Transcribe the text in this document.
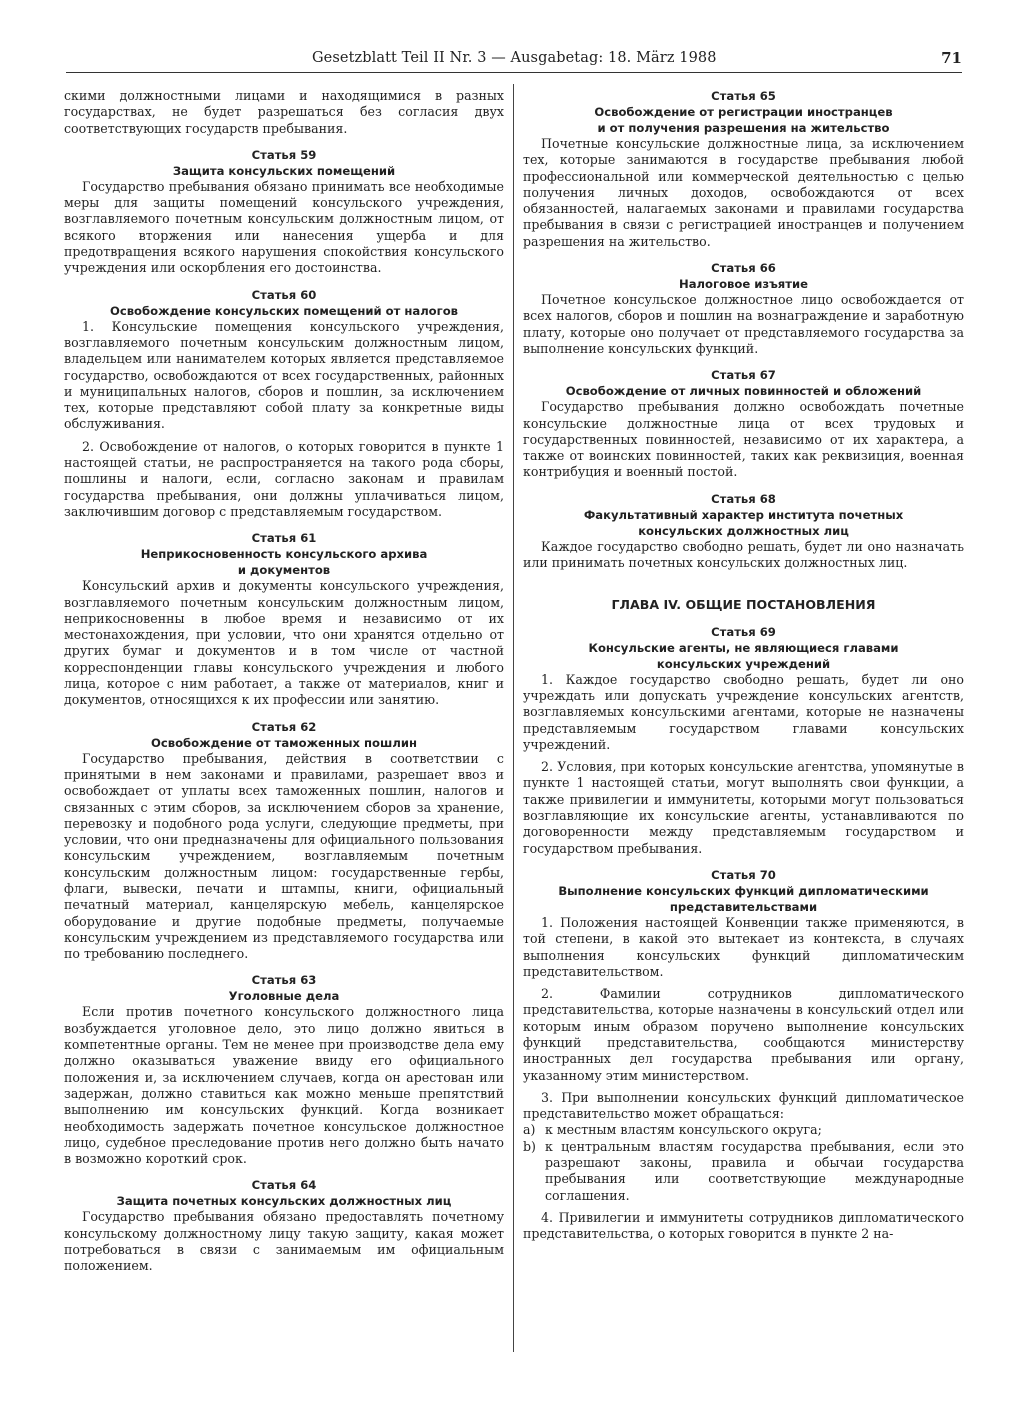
Gesetzblatt Teil II Nr. 3 — Ausgabetag: 18. März 1988	71

скими должностными лицами и находящимися в разных государствах, не будет разрешаться без согласия двух соответствующих государств пребывания.

Статья 59
Защита консульских помещений

Государство пребывания обязано принимать все необходимые меры для защиты помещений консульского учреждения, возглавляемого почетным консульским должностным лицом, от всякого вторжения или нанесения ущерба и для предотвращения всякого нарушения спокойствия консульского учреждения или оскорбления его достоинства.

Статья 60
Освобождение консульских помещений от налогов

1. Консульские помещения консульского учреждения, возглавляемого почетным консульским должностным лицом, владельцем или нанимателем которых является представляемое государство, освобождаются от всех государственных, районных и муниципальных налогов, сборов и пошлин, за исключением тех, которые представляют собой плату за конкретные виды обслуживания.

2. Освобождение от налогов, о которых говорится в пункте 1 настоящей статьи, не распространяется на такого рода сборы, пошлины и налоги, если, согласно законам и правилам государства пребывания, они должны уплачиваться лицом, заключившим договор с представляемым государством.

Статья 61
Неприкосновенность консульского архива
и документов

Консульский архив и документы консульского учреждения, возглавляемого почетным консульским должностным лицом, неприкосновенны в любое время и независимо от их местонахождения, при условии, что они хранятся отдельно от других бумаг и документов и в том числе от частной корреспонденции главы консульского учреждения и любого лица, которое с ним работает, а также от материалов, книг и документов, относящихся к их профессии или занятию.

Статья 62
Освобождение от таможенных пошлин

Государство пребывания, действия в соответствии с принятыми в нем законами и правилами, разрешает ввоз и освобождает от уплаты всех таможенных пошлин, налогов и связанных с этим сборов, за исключением сборов за хранение, перевозку и подобного рода услуги, следующие предметы, при условии, что они предназначены для официального пользования консульским учреждением, возглавляемым почетным консульским должностным лицом: государственные гербы, флаги, вывески, печати и штампы, книги, официальный печатный материал, канцелярскую мебель, канцелярское оборудование и другие подобные предметы, получаемые консульским учреждением из представляемого государства или по требованию последнего.

Статья 63
Уголовные дела

Если против почетного консульского должностного лица возбуждается уголовное дело, это лицо должно явиться в компетентные органы. Тем не менее при производстве дела ему должно оказываться уважение ввиду его официального положения и, за исключением случаев, когда он арестован или задержан, должно ставиться как можно меньше препятствий выполнению им консульских функций. Когда возникает необходимость задержать почетное консульское должностное лицо, судебное преследование против него должно быть начато в возможно короткий срок.

Статья 64
Защита почетных консульских должностных лиц

Государство пребывания обязано предоставлять почетному консульскому должностному лицу такую защиту, какая может потребоваться в связи с занимаемым им официальным положением.

Статья 65
Освобождение от регистрации иностранцев
и от получения разрешения на жительство

Почетные консульские должностные лица, за исключением тех, которые занимаются в государстве пребывания любой профессиональной или коммерческой деятельностью с целью получения личных доходов, освобождаются от всех обязанностей, налагаемых законами и правилами государства пребывания в связи с регистрацией иностранцев и получением разрешения на жительство.

Статья 66
Налоговое изъятие

Почетное консульское должностное лицо освобождается от всех налогов, сборов и пошлин на вознаграждение и заработную плату, которые оно получает от представляемого государства за выполнение консульских функций.

Статья 67
Освобождение от личных повинностей и обложений

Государство пребывания должно освобождать почетные консульские должностные лица от всех трудовых и государственных повинностей, независимо от их характера, а также от воинских повинностей, таких как реквизиция, военная контрибуция и военный постой.

Статья 68
Факультативный характер института почетных
консульских должностных лиц

Каждое государство свободно решать, будет ли оно назначать или принимать почетных консульских должностных лиц.

ГЛАВА IV. ОБЩИЕ ПОСТАНОВЛЕНИЯ
Статья 69
Консульские агенты, не являющиеся главами
консульских учреждений

1. Каждое государство свободно решать, будет ли оно учреждать или допускать учреждение консульских агентств, возглавляемых консульскими агентами, которые не назначены представляемым государством главами консульских учреждений.

2. Условия, при которых консульские агентства, упомянутые в пункте 1 настоящей статьи, могут выполнять свои функции, а также привилегии и иммунитеты, которыми могут пользоваться возглавляющие их консульские агенты, устанавливаются по договоренности между представляемым государством и государством пребывания.

Статья 70
Выполнение консульских функций дипломатическими
представительствами

1. Положения настоящей Конвенции также применяются, в той степени, в какой это вытекает из контекста, в случаях выполнения консульских функций дипломатическим представительством.

2. Фамилии сотрудников дипломатического представительства, которые назначены в консульский отдел или которым иным образом поручено выполнение консульских функций представительства, сообщаются министерству иностранных дел государства пребывания или органу, указанному этим министерством.

3. При выполнении консульских функций дипломатическое представительство может обращаться:

a) к местным властям консульского округа;
b) к центральным властям государства пребывания, если это разрешают законы, правила и обычаи государства пребывания или соответствующие международные соглашения.

4. Привилегии и иммунитеты сотрудников дипломатического представительства, о которых говорится в пункте 2 на-
